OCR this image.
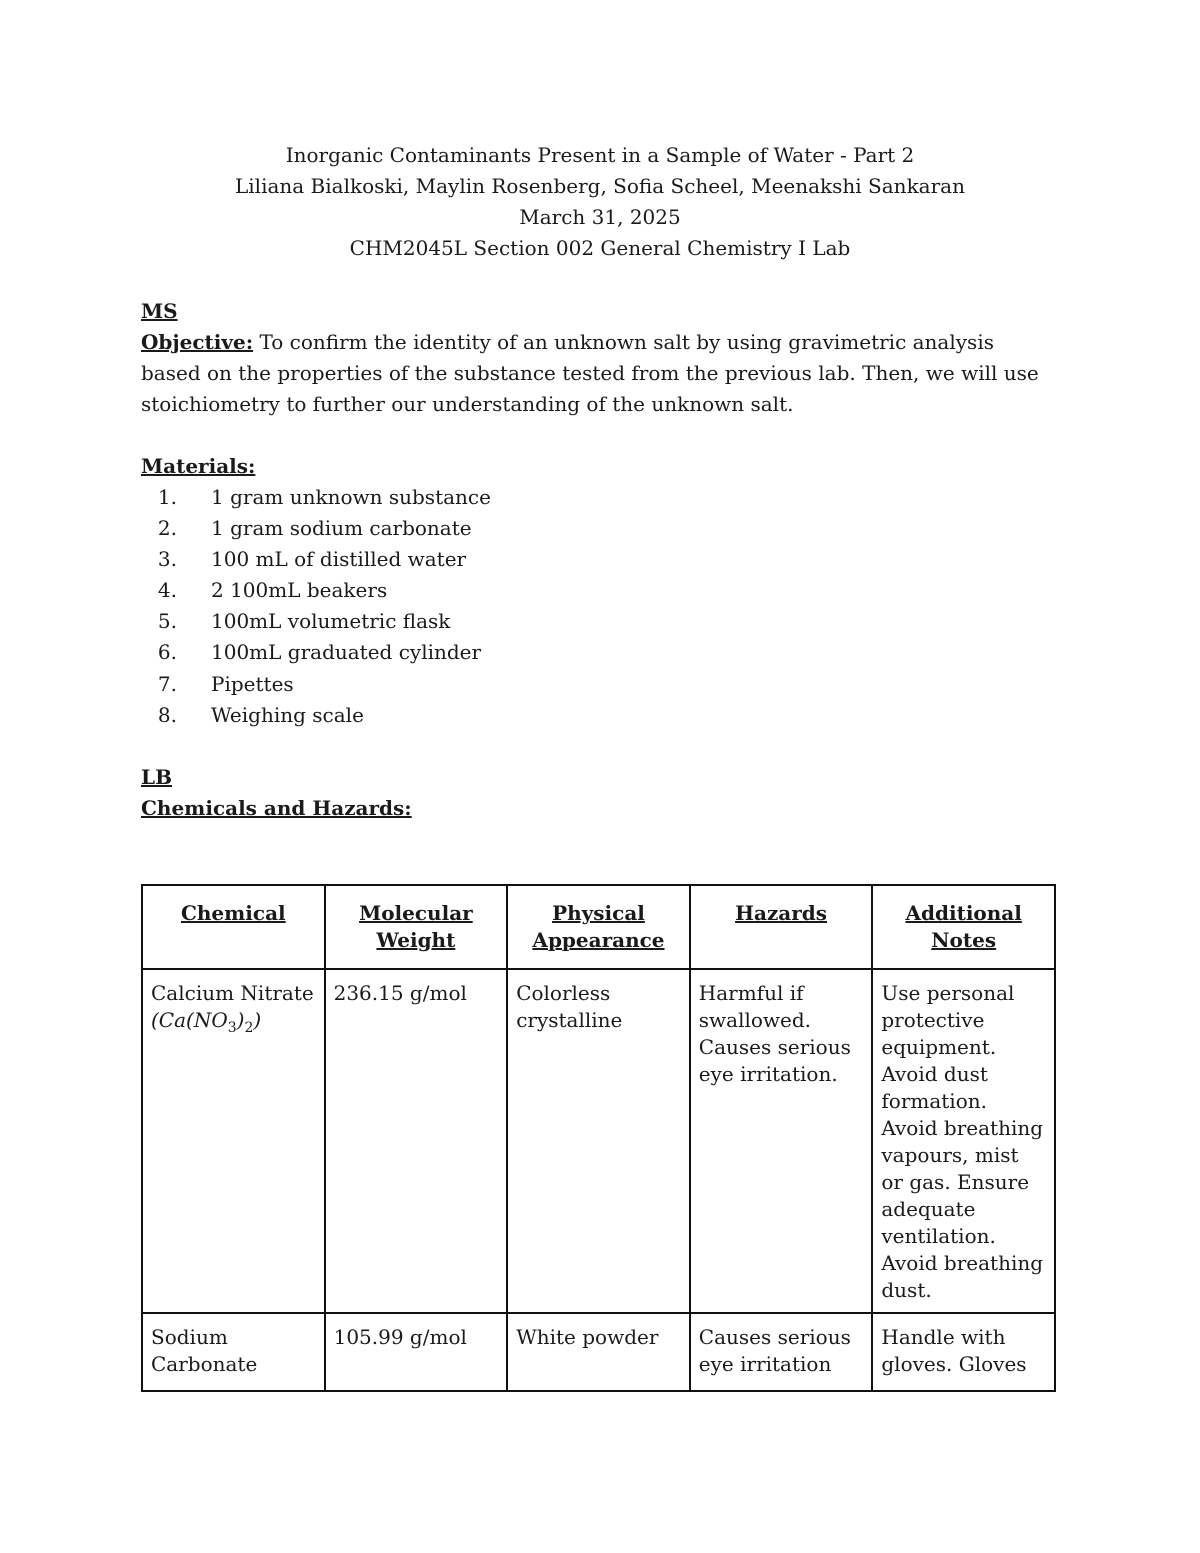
Inorganic Contaminants Present in a Sample of Water - Part 2
Liliana Bialkoski, Maylin Rosenberg, Sofia Scheel, Meenakshi Sankaran
March 31, 2025
CHM2045L Section 002 General Chemistry I Lab
MS
Objective: To confirm the identity of an unknown salt by using gravimetric analysis based on the properties of the substance tested from the previous lab. Then, we will use stoichiometry to further our understanding of the unknown salt.
Materials:
1. 1 gram unknown substance
2. 1 gram sodium carbonate
3. 100 mL of distilled water
4. 2 100mL beakers
5. 100mL volumetric flask
6. 100mL graduated cylinder
7. Pipettes
8. Weighing scale
LB
Chemicals and Hazards:
Chemical	Molecular Weight	Physical Appearance	Hazards	Additional Notes

Calcium Nitrate
$(Ca(NO_3)_2)$	236.15 g/mol	Colorless crystalline	Harmful if swallowed. Causes serious eye irritation.	Use personal protective equipment. Avoid dust formation. Avoid breathing vapours, mist or gas. Ensure adequate ventilation. Avoid breathing dust.

Sodium Carbonate	105.99 g/mol	White powder	Causes serious eye irritation	Handle with gloves. Gloves
